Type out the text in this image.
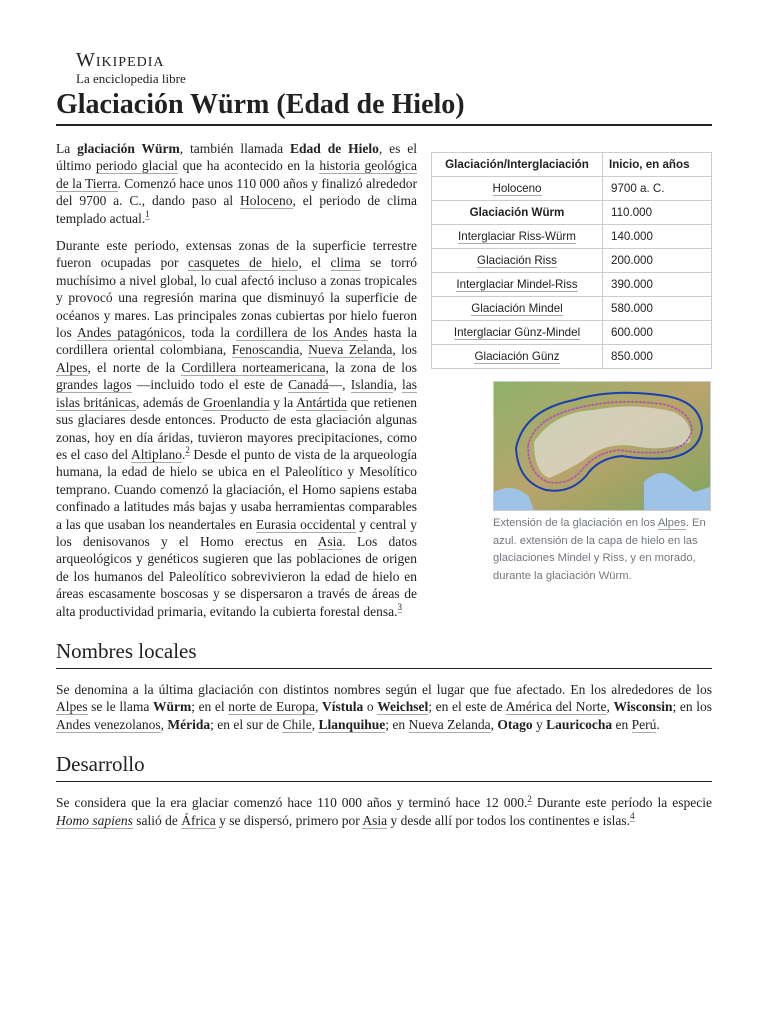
Wikipedia
La enciclopedia libre
Glaciación Würm (Edad de Hielo)
Glaciación/Interglaciación	Inicio, en años
Holoceno	9700 a. C.
Glaciación Würm	110.000
Interglaciar Riss-Würm	140.000
Glaciación Riss	200.000
Interglaciar Mindel-Riss	390.000
Glaciación Mindel	580.000
Interglaciar Günz-Mindel	600.000
Glaciación Günz	850.000
Extensión de la glaciación en los Alpes. En azul. extensión de la capa de hielo en las glaciaciones Mindel y Riss, y en morado, durante la glaciación Würm.

La glaciación Würm, también llamada Edad de Hielo, es el último periodo glacial que ha acontecido en la historia geológica de la Tierra. Comenzó hace unos 110 000 años y finalizó alrededor del 9700 a. C., dando paso al Holoceno, el periodo de clima templado actual.$^1$

Durante este periodo, extensas zonas de la superficie terrestre fueron ocupadas por casquetes de hielo, el clima se torró muchísimo a nivel global, lo cual afectó incluso a zonas tropicales y provocó una regresión marina que disminuyó la superficie de océanos y mares. Las principales zonas cubiertas por hielo fueron los Andes patagónicos, toda la cordillera de los Andes hasta la cordillera oriental colombiana, Fenoscandia, Nueva Zelanda, los Alpes, el norte de la Cordillera norteamericana, la zona de los grandes lagos —incluido todo el este de Canadá—, Islandia, las islas británicas, además de Groenlandia y la Antártida que retienen sus glaciares desde entonces. Producto de esta glaciación algunas zonas, hoy en día áridas, tuvieron mayores precipitaciones, como es el caso del Altiplano.$^2$ Desde el punto de vista de la arqueología humana, la edad de hielo se ubica en el Paleolítico y Mesolítico temprano. Cuando comenzó la glaciación, el Homo sapiens estaba confinado a latitudes más bajas y usaba herramientas comparables a las que usaban los neandertales en Eurasia occidental y central y los denisovanos y el Homo erectus en Asia. Los datos arqueológicos y genéticos sugieren que las poblaciones de origen de los humanos del Paleolítico sobrevivieron la edad de hielo en áreas escasamente boscosas y se dispersaron a través de áreas de alta productividad primaria, evitando la cubierta forestal densa.$^3$

Nombres locales

Se denomina a la última glaciación con distintos nombres según el lugar que fue afectado. En los alrededores de los Alpes se le llama Würm; en el norte de Europa, Vístula o Weichsel; en el este de América del Norte, Wisconsin; en los Andes venezolanos, Mérida; en el sur de Chile, Llanquihue; en Nueva Zelanda, Otago y Lauricocha en Perú.

Desarrollo

Se considera que la era glaciar comenzó hace 110 000 años y terminó hace 12 000.$^2$ Durante este período la especie Homo sapiens salió de África y se dispersó, primero por Asia y desde allí por todos los continentes e islas.$^4$
